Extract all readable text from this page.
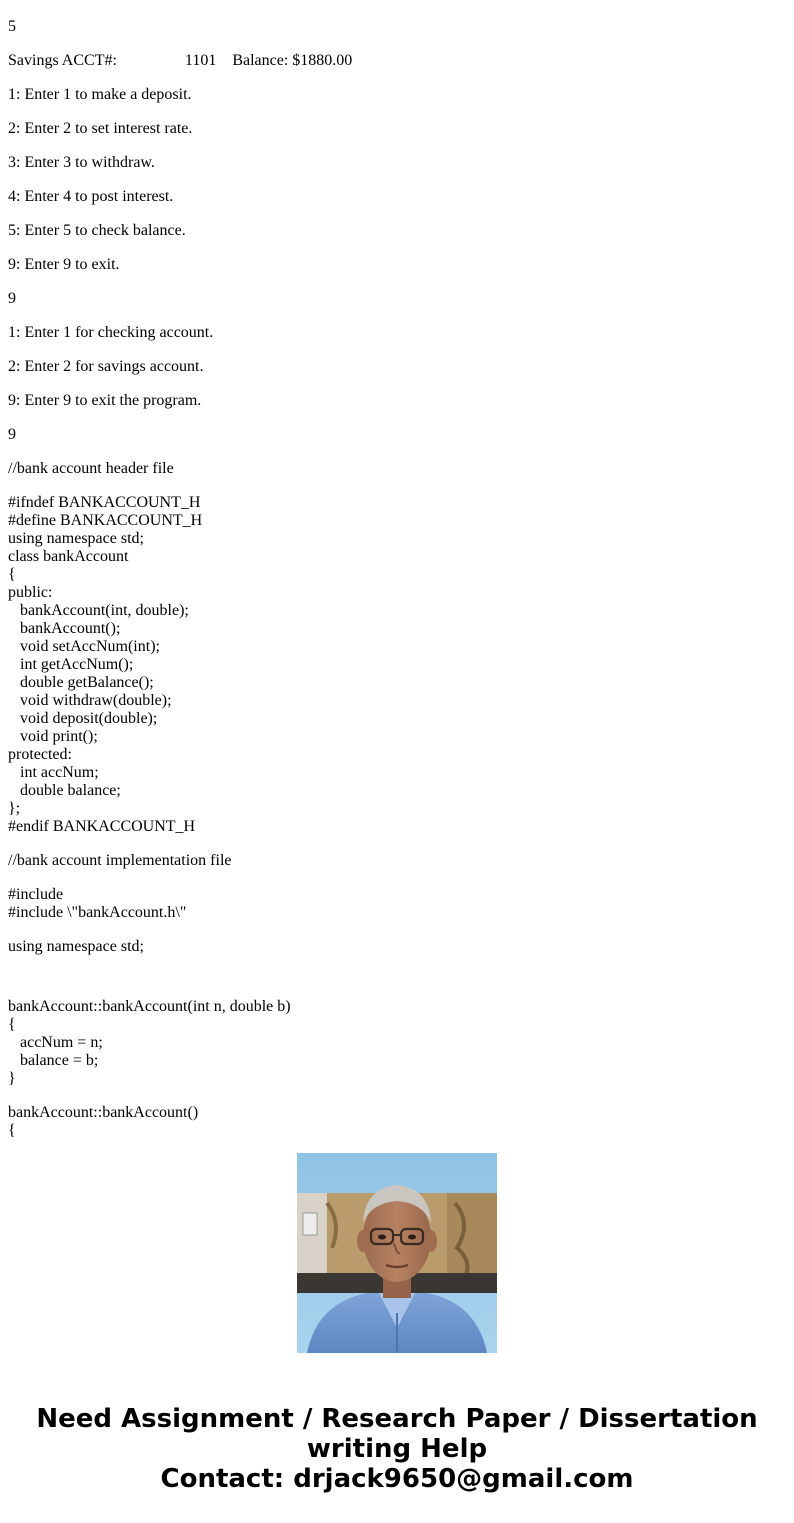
5

Savings ACCT#:                 1101    Balance: $1880.00

1: Enter 1 to make a deposit.

2: Enter 2 to set interest rate.

3: Enter 3 to withdraw.

4: Enter 4 to post interest.

5: Enter 5 to check balance.

9: Enter 9 to exit.

9

1: Enter 1 for checking account.

2: Enter 2 for savings account.

9: Enter 9 to exit the program.

9

//bank account header file

#ifndef BANKACCOUNT_H
#define BANKACCOUNT_H
using namespace std;
class bankAccount
{
public:
bankAccount(int, double);
bankAccount();
void setAccNum(int);
int getAccNum();
double getBalance();
void withdraw(double);
void deposit(double);
void print();
protected:
int accNum;
double balance;
};
#endif BANKACCOUNT_H

//bank account implementation file

#include
#include \"bankAccount.h\"

using namespace std;

bankAccount::bankAccount(int n, double b)
{
accNum = n;
balance = b;
}

bankAccount::bankAccount()

{

Need Assignment / Research Paper / Dissertation
writing Help
Contact: drjack9650@gmail.com
